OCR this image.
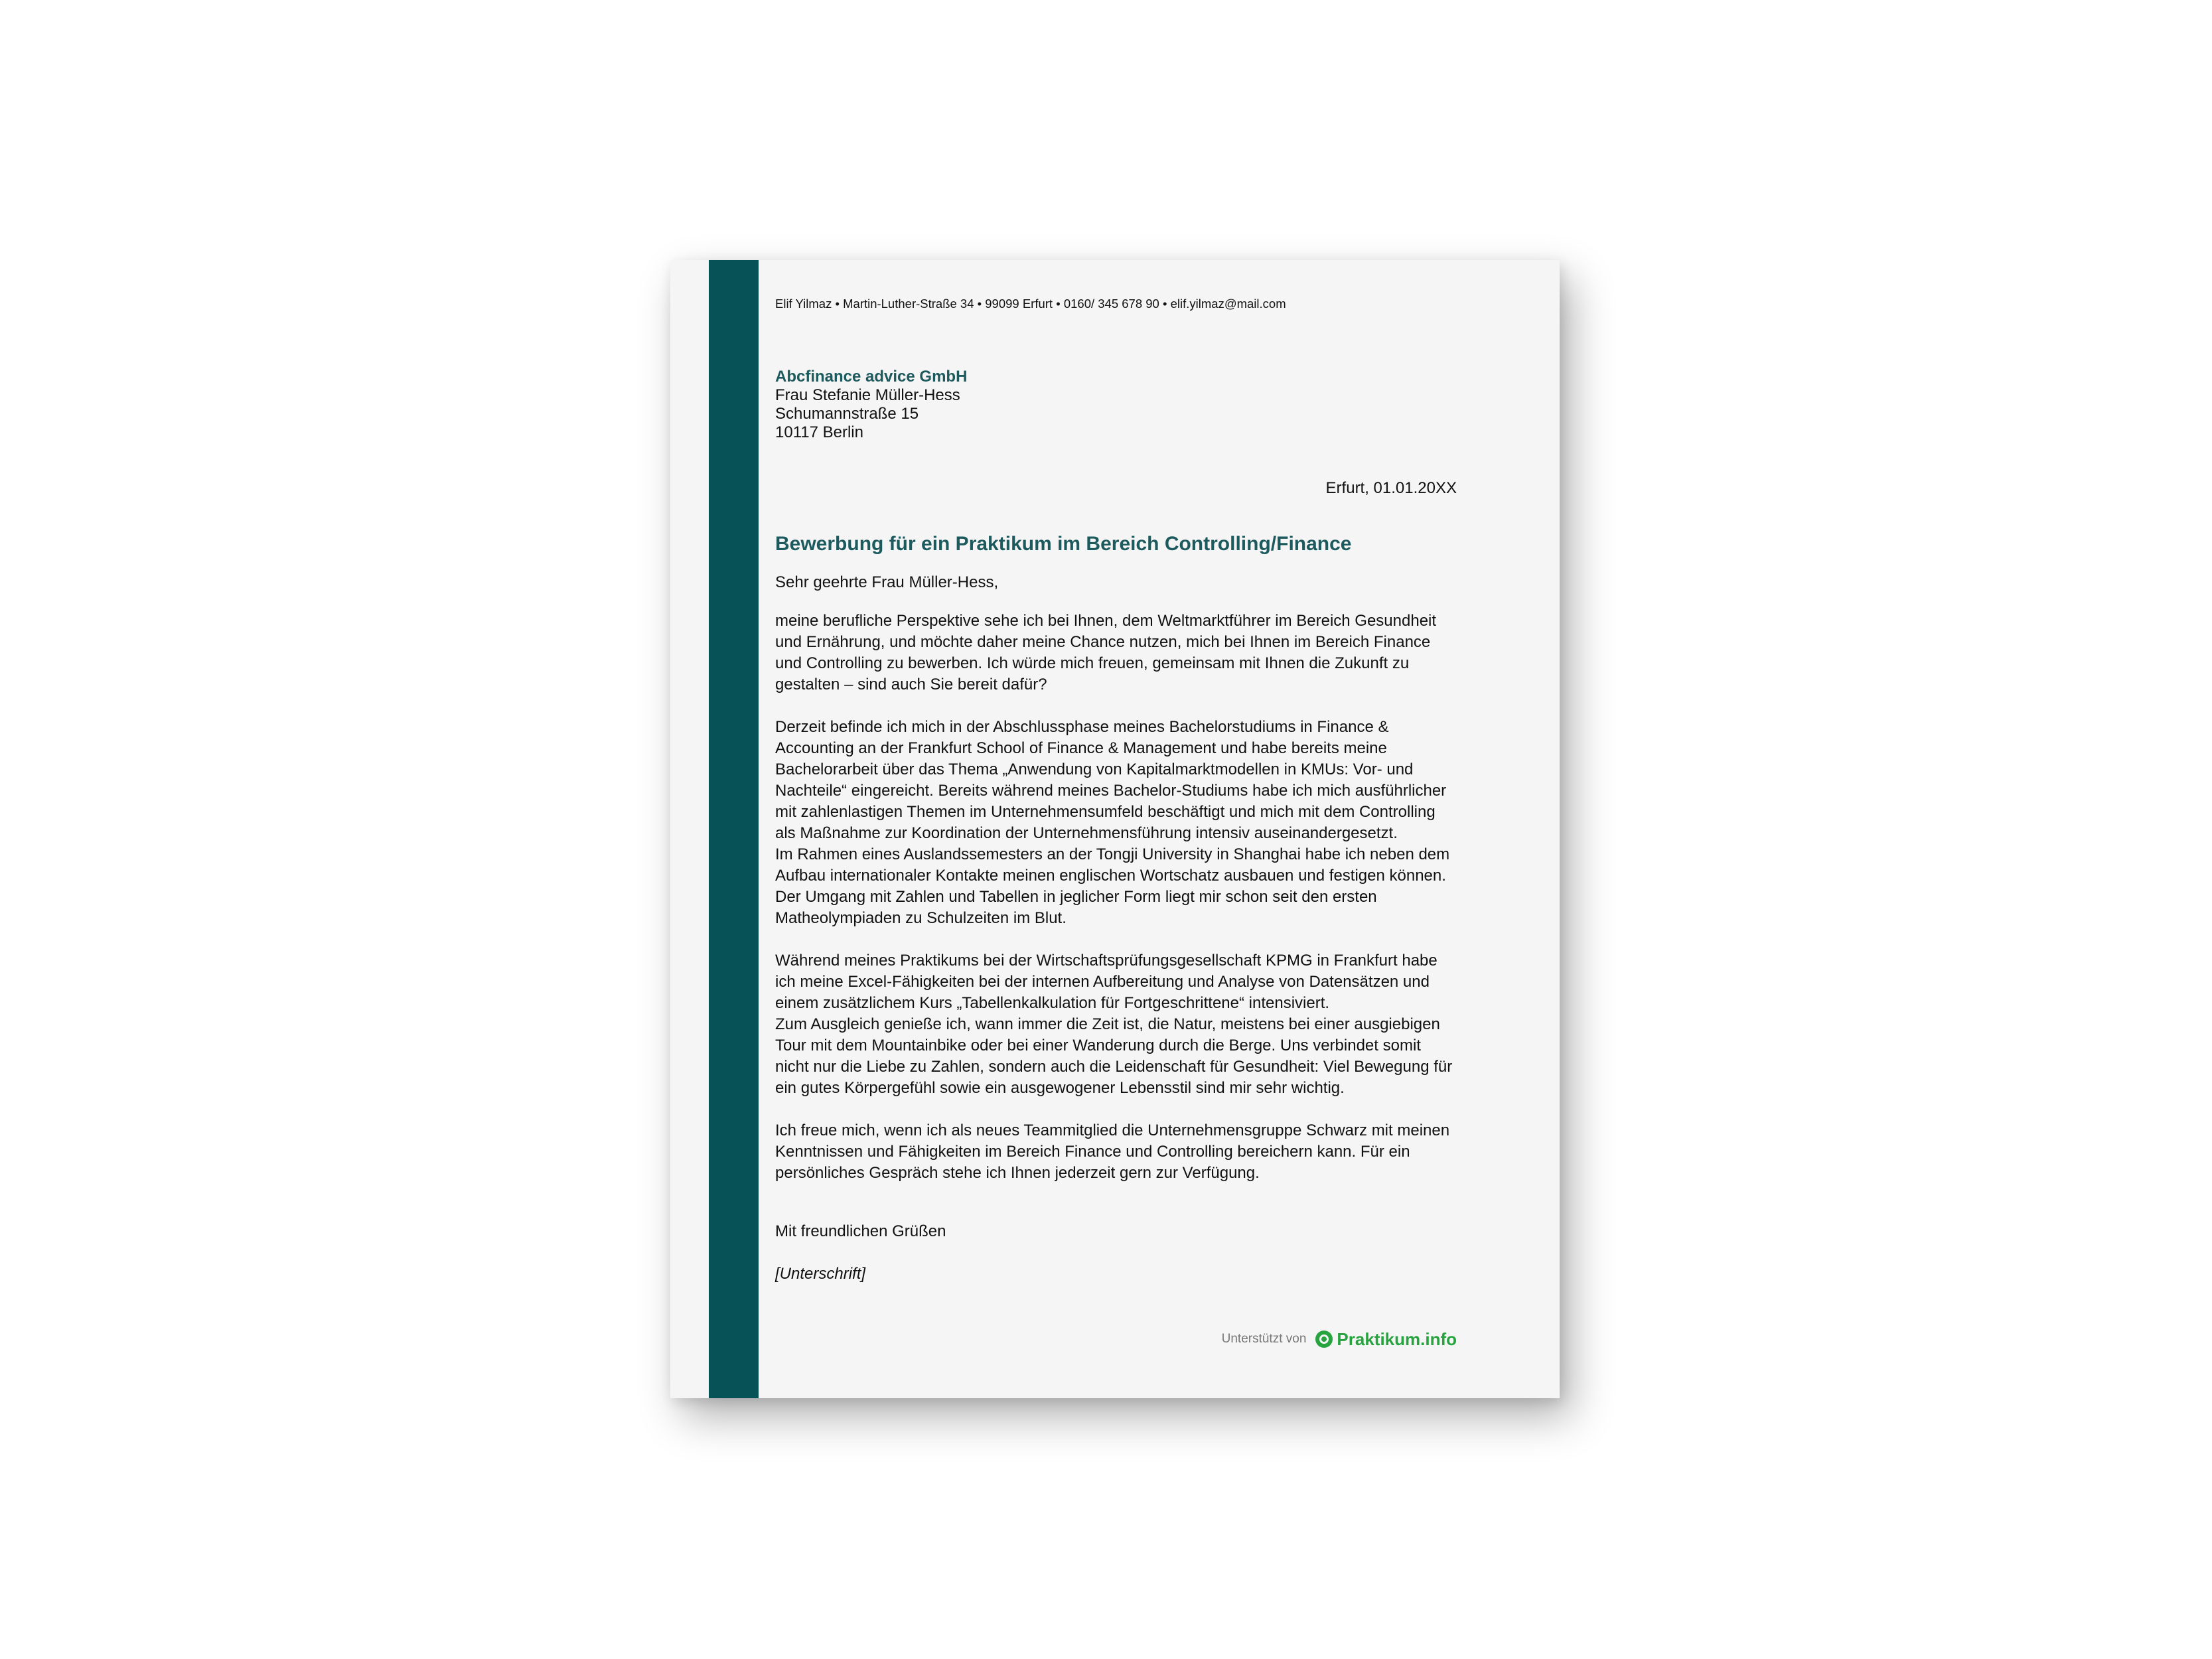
Elif Yilmaz • Martin-Luther-Straße 34 • 99099 Erfurt • 0160/ 345 678 90 • elif.yilmaz@mail.com
Abcfinance advice GmbH
Frau Stefanie Müller-Hess
Schumannstraße 15
10117 Berlin
Erfurt, 01.01.20XX
Bewerbung für ein Praktikum im Bereich Controlling/Finance
Sehr geehrte Frau Müller-Hess,

meine berufliche Perspektive sehe ich bei Ihnen, dem Weltmarktführer im Bereich Gesundheit und Ernährung, und möchte daher meine Chance nutzen, mich bei Ihnen im Bereich Finance und Controlling zu bewerben. Ich würde mich freuen, gemeinsam mit Ihnen die Zukunft zu gestalten – sind auch Sie bereit dafür?

Derzeit befinde ich mich in der Abschlussphase meines Bachelorstudiums in Finance & Accounting an der Frankfurt School of Finance & Management und habe bereits meine Bachelorarbeit über das Thema „Anwendung von Kapitalmarktmodellen in KMUs: Vor- und Nachteile“ eingereicht. Bereits während meines Bachelor-Studiums habe ich mich ausführlicher mit zahlenlastigen Themen im Unternehmensumfeld beschäftigt und mich mit dem Controlling als Maßnahme zur Koordination der Unternehmensführung intensiv auseinandergesetzt.
Im Rahmen eines Auslandssemesters an der Tongji University in Shanghai habe ich neben dem Aufbau internationaler Kontakte meinen englischen Wortschatz ausbauen und festigen können. Der Umgang mit Zahlen und Tabellen in jeglicher Form liegt mir schon seit den ersten Matheolympiaden zu Schulzeiten im Blut.

Während meines Praktikums bei der Wirtschaftsprüfungsgesellschaft KPMG in Frankfurt habe ich meine Excel-Fähigkeiten bei der internen Aufbereitung und Analyse von Datensätzen und einem zusätzlichem Kurs „Tabellenkalkulation für Fortgeschrittene“ intensiviert.
Zum Ausgleich genieße ich, wann immer die Zeit ist, die Natur, meistens bei einer ausgiebigen Tour mit dem Mountainbike oder bei einer Wanderung durch die Berge. Uns verbindet somit nicht nur die Liebe zu Zahlen, sondern auch die Leidenschaft für Gesundheit: Viel Bewegung für ein gutes Körpergefühl sowie ein ausgewogener Lebensstil sind mir sehr wichtig.

Ich freue mich, wenn ich als neues Teammitglied die Unternehmensgruppe Schwarz mit meinen Kenntnissen und Fähigkeiten im Bereich Finance und Controlling bereichern kann. Für ein persönliches Gespräch stehe ich Ihnen jederzeit gern zur Verfügung.

Mit freundlichen Grüßen
[Unterschrift]
Unterstützt von Praktikum.info
